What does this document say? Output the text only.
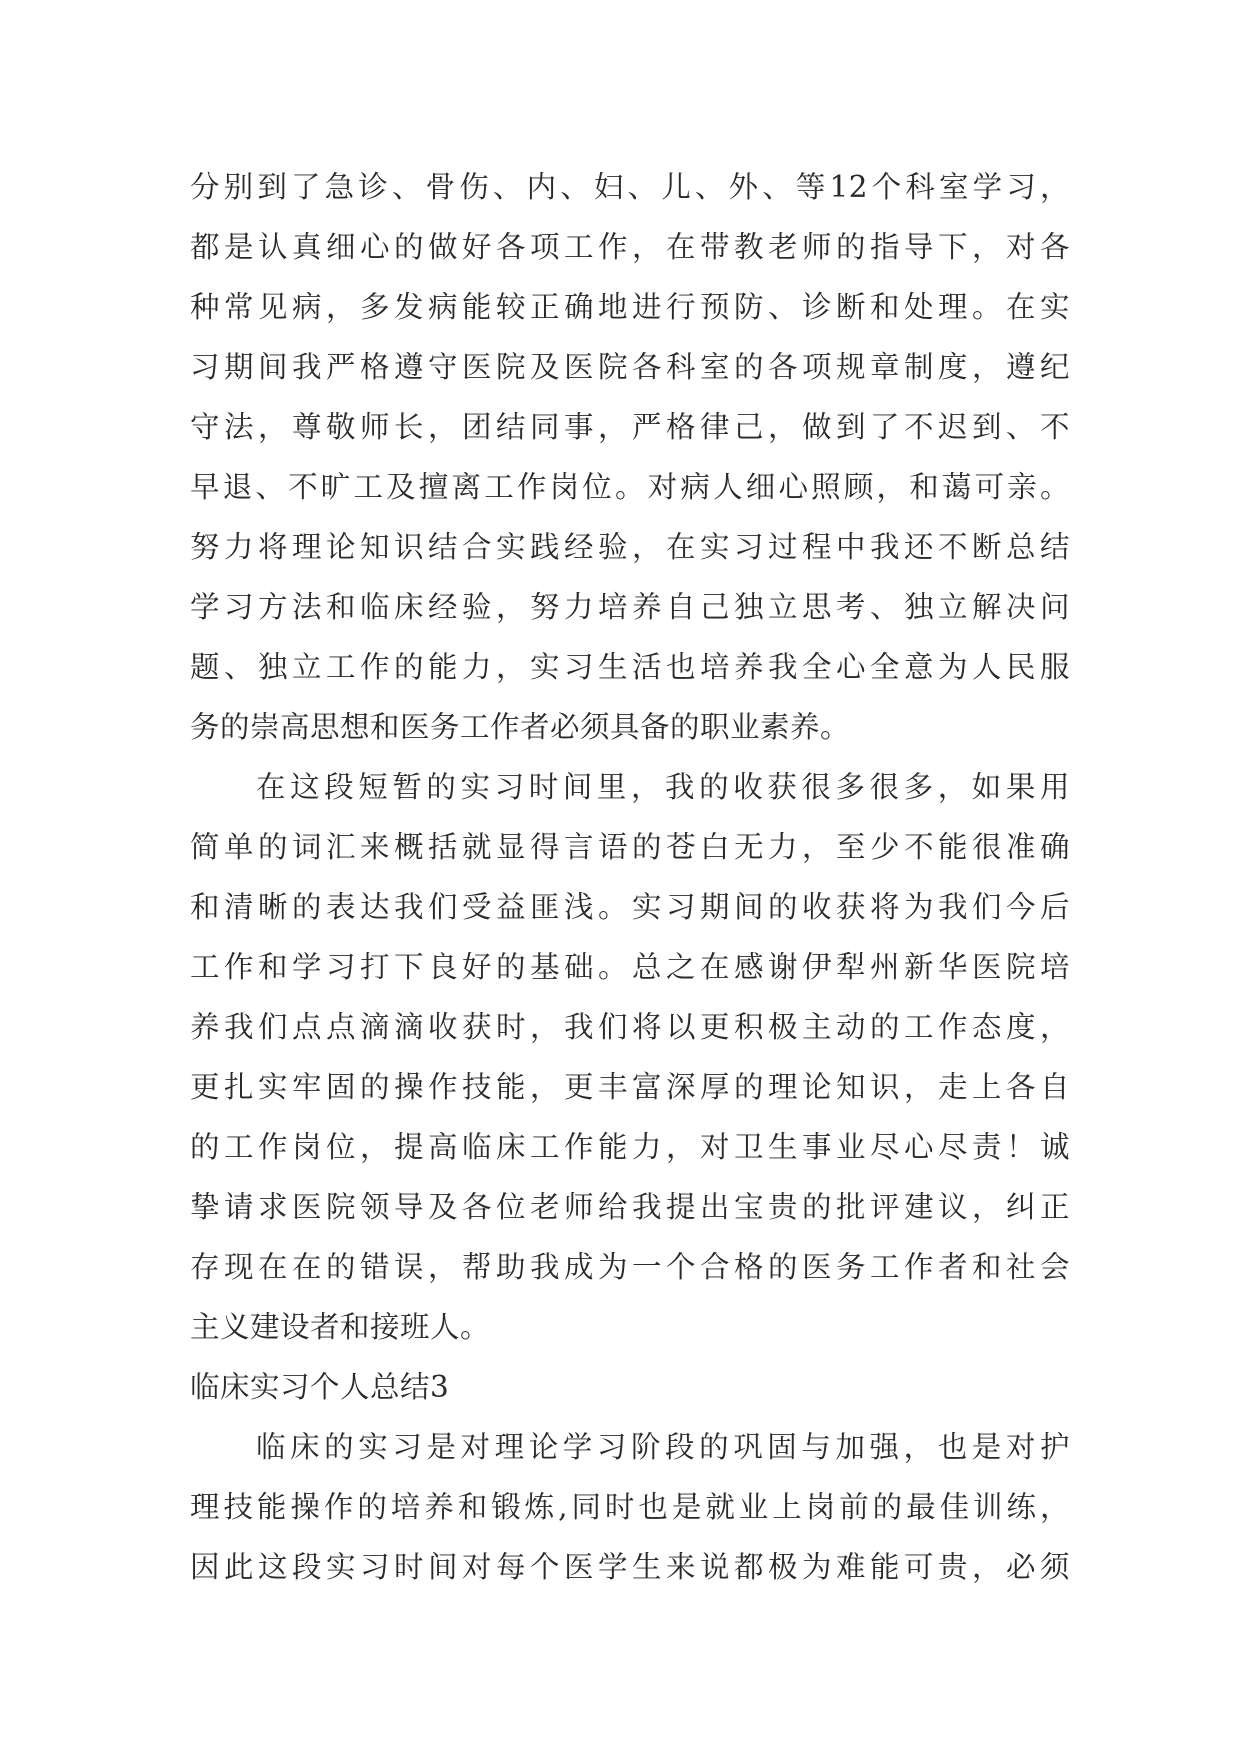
分别到了急诊、骨伤、内、妇、儿、外、等12个科室学习，
都是认真细心的做好各项工作，在带教老师的指导下，对各
种常见病，多发病能较正确地进行预防、诊断和处理。在实
习期间我严格遵守医院及医院各科室的各项规章制度，遵纪
守法，尊敬师长，团结同事，严格律己，做到了不迟到、不
早退、不旷工及擅离工作岗位。对病人细心照顾，和蔼可亲。
努力将理论知识结合实践经验，在实习过程中我还不断总结
学习方法和临床经验，努力培养自己独立思考、独立解决问
题、独立工作的能力，实习生活也培养我全心全意为人民服
务的崇高思想和医务工作者必须具备的职业素养。
在这段短暂的实习时间里，我的收获很多很多，如果用
简单的词汇来概括就显得言语的苍白无力，至少不能很准确
和清晰的表达我们受益匪浅。实习期间的收获将为我们今后
工作和学习打下良好的基础。总之在感谢伊犁州新华医院培
养我们点点滴滴收获时，我们将以更积极主动的工作态度，
更扎实牢固的操作技能，更丰富深厚的理论知识，走上各自
的工作岗位，提高临床工作能力，对卫生事业尽心尽责！诚
挚请求医院领导及各位老师给我提出宝贵的批评建议，纠正
存现在在的错误，帮助我成为一个合格的医务工作者和社会
主义建设者和接班人。
临床实习个人总结3
临床的实习是对理论学习阶段的巩固与加强，也是对护
理技能操作的培养和锻炼,同时也是就业上岗前的最佳训练，
因此这段实习时间对每个医学生来说都极为难能可贵，必须
